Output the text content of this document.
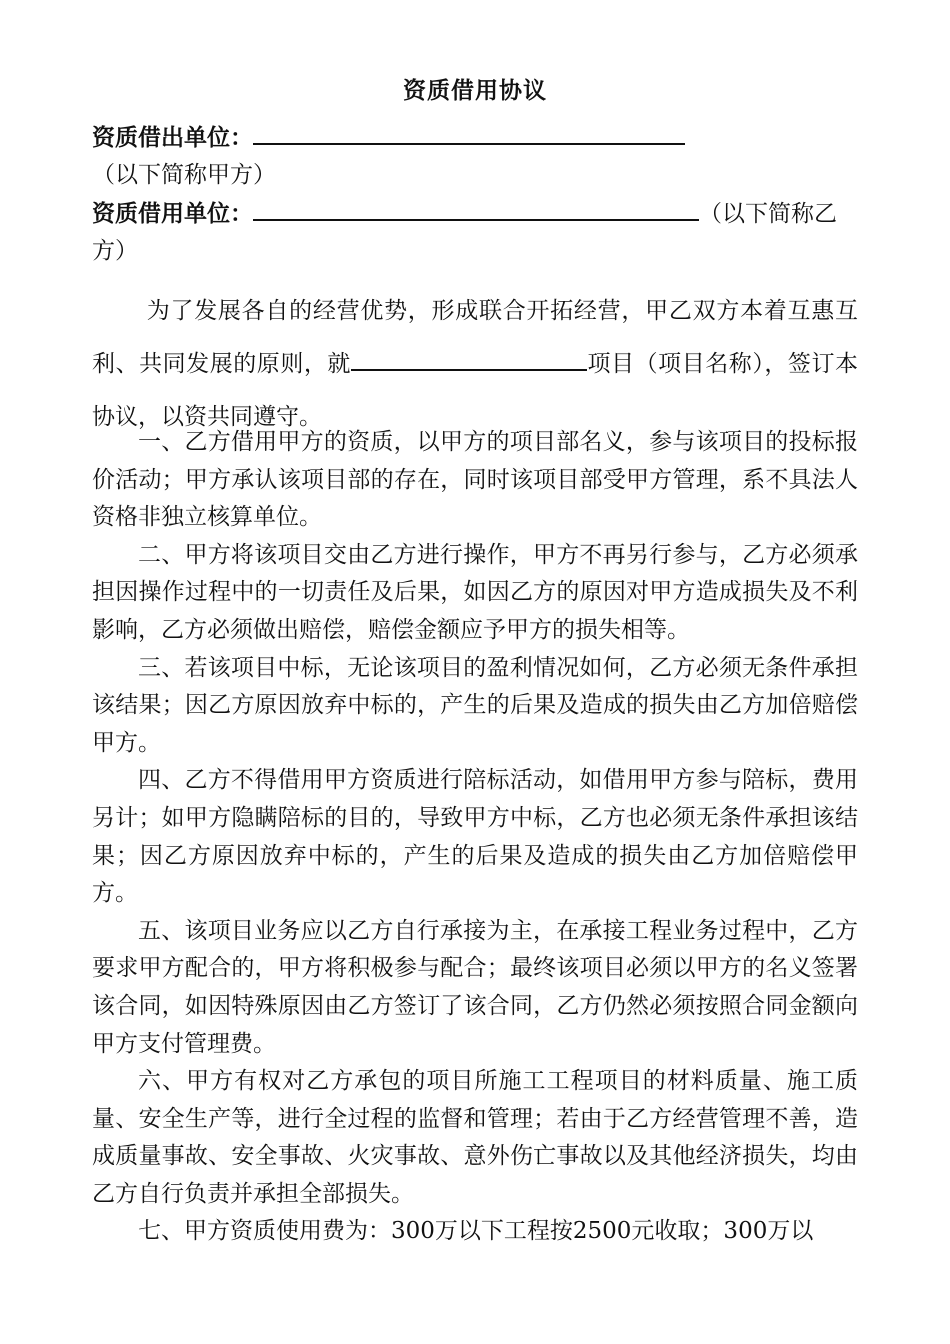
资质借用协议
资质借出单位：（以下简称甲方）
资质借用单位：	（以下简称乙方）
为了发展各自的经营优势，形成联合开拓经营，甲乙双方本着互惠互利、共同发展的原则，就	项目（项目名称），签订本协议，以资共同遵守。

一、乙方借用甲方的资质，以甲方的项目部名义，参与该项目的投标报价活动；甲方承认该项目部的存在，同时该项目部受甲方管理，系不具法人资格非独立核算单位。

二、甲方将该项目交由乙方进行操作，甲方不再另行参与，乙方必须承担因操作过程中的一切责任及后果，如因乙方的原因对甲方造成损失及不利影响，乙方必须做出赔偿，赔偿金额应予甲方的损失相等。

三、若该项目中标，无论该项目的盈利情况如何，乙方必须无条件承担该结果；因乙方原因放弃中标的，产生的后果及造成的损失由乙方加倍赔偿甲方。

四、乙方不得借用甲方资质进行陪标活动，如借用甲方参与陪标，费用另计；如甲方隐瞒陪标的目的，导致甲方中标，乙方也必须无条件承担该结果；因乙方原因放弃中标的，产生的后果及造成的损失由乙方加倍赔偿甲方。

五、该项目业务应以乙方自行承接为主，在承接工程业务过程中，乙方要求甲方配合的，甲方将积极参与配合；最终该项目必须以甲方的名义签署该合同，如因特殊原因由乙方签订了该合同，乙方仍然必须按照合同金额向甲方支付管理费。

六、甲方有权对乙方承包的项目所施工工程项目的材料质量、施工质量、安全生产等，进行全过程的监督和管理；若由于乙方经营管理不善，造成质量事故、安全事故、火灾事故、意外伤亡事故以及其他经济损失，均由乙方自行负责并承担全部损失。

七、甲方资质使用费为：300万以下工程按2500元收取；300万以
